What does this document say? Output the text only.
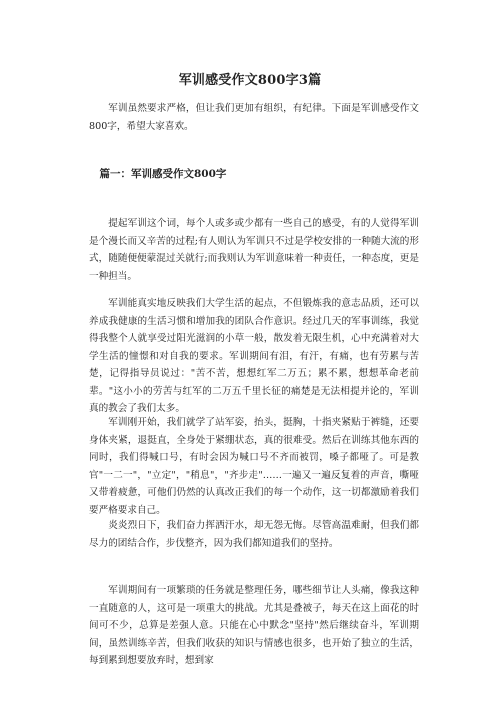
军训感受作文800字3篇

军训虽然要求严格，但让我们更加有组织，有纪律。下面是军训感受作文800字，希望大家喜欢。

篇一：军训感受作文800字

提起军训这个词，每个人或多或少都有一些自己的感受，有的人觉得军训是个漫长而又辛苦的过程;有人则认为军训只不过是学校安排的一种随大流的形式，随随便便蒙混过关就行;而我则认为军训意味着一种责任，一种态度，更是一种担当。

军训能真实地反映我们大学生活的起点，不但锻炼我的意志品质，还可以养成我健康的生活习惯和增加我的团队合作意识。经过几天的军事训练，我觉得我整个人就享受过阳光滋润的小草一般，散发着无限生机，心中充满着对大学生活的憧憬和对自我的要求。军训期间有泪，有汗，有痛，也有劳累与苦楚，记得指导员说过："苦不苦，想想红军二万五；累不累，想想革命老前辈。"这小小的劳苦与红军的二万五千里长征的痛楚是无法相提并论的，军训真的教会了我们太多。

军训刚开始，我们就学了站军姿，抬头，挺胸，十指夹紧贴于裤缝，还要身体夹紧，退挺直，全身处于紧绷状态，真的很难受。然后在训练其他东西的同时，我们得喊口号，有时会因为喊口号不齐而被罚，嗓子都哑了。可是教官"一二一"，"立定"，"稍息"，"齐步走"……一遍又一遍反复着的声音，嘶哑又带着疲惫，可他们仍然的认真改正我们的每一个动作，这一切都激励着我们要严格要求自己。

炎炎烈日下，我们奋力挥洒汗水，却无怨无悔。尽管高温难耐，但我们都尽力的团结合作，步伐整齐，因为我们都知道我们的坚持。

军训期间有一项繁琐的任务就是整理任务，哪些细节让人头痛，像我这种一直随意的人，这可是一项重大的挑战。尤其是叠被子，每天在这上面花的时间可不少，总算是差强人意。只能在心中默念"坚持"然后继续奋斗，军训期间，虽然训练辛苦，但我们收获的知识与情感也很多，也开始了独立的生活，每到累到想要放弃时，想到家
